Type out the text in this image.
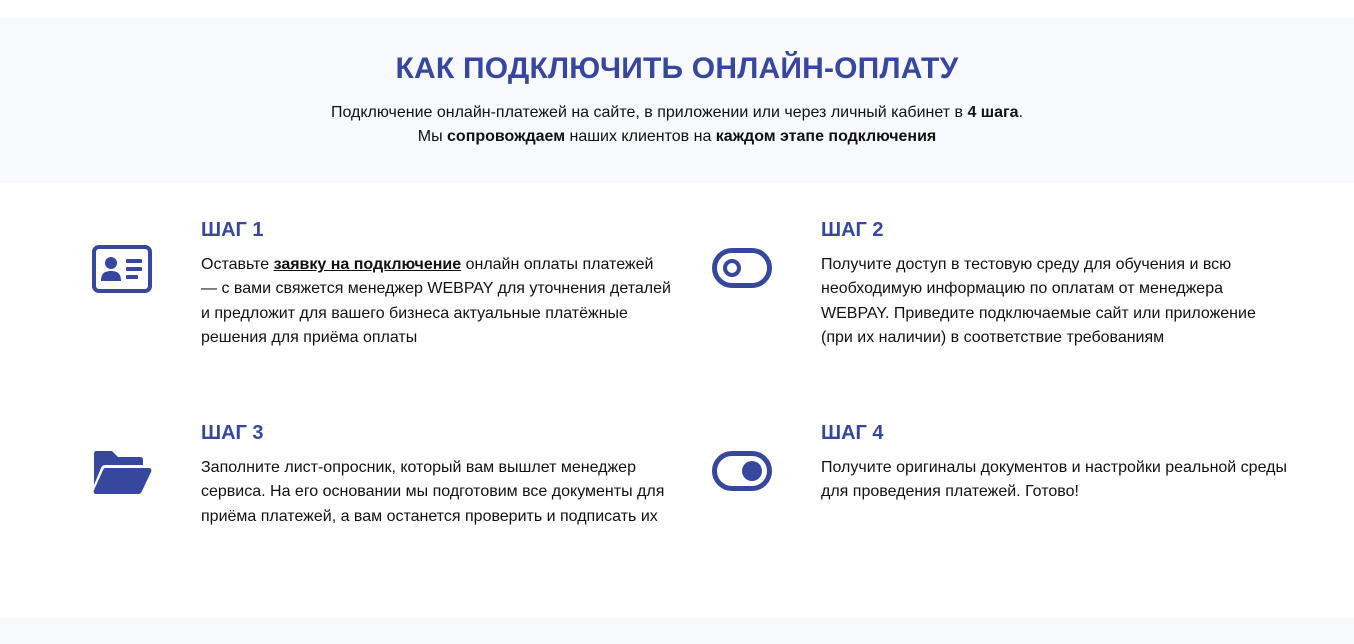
КАК ПОДКЛЮЧИТЬ ОНЛАЙН-ОПЛАТУ
Подключение онлайн-платежей на сайте, в приложении или через личный кабинет в 4 шага.
Мы сопровождаем наших клиентов на каждом этапе подключения
ШАГ 1
Оставьте заявку на подключение онлайн оплаты платежей — с вами свяжется менеджер WEBPAY для уточнения деталей и предложит для вашего бизнеса актуальные платёжные решения для приёма оплаты
ШАГ 2
Получите доступ в тестовую среду для обучения и всю необходимую информацию по оплатам от менеджера WEBPAY. Приведите подключаемые сайт или приложение (при их наличии) в соответствие требованиям
ШАГ 3
Заполните лист-опросник, который вам вышлет менеджер сервиса. На его основании мы подготовим все документы для приёма платежей, а вам останется проверить и подписать их
ШАГ 4
Получите оригиналы документов и настройки реальной среды для проведения платежей. Готово!
